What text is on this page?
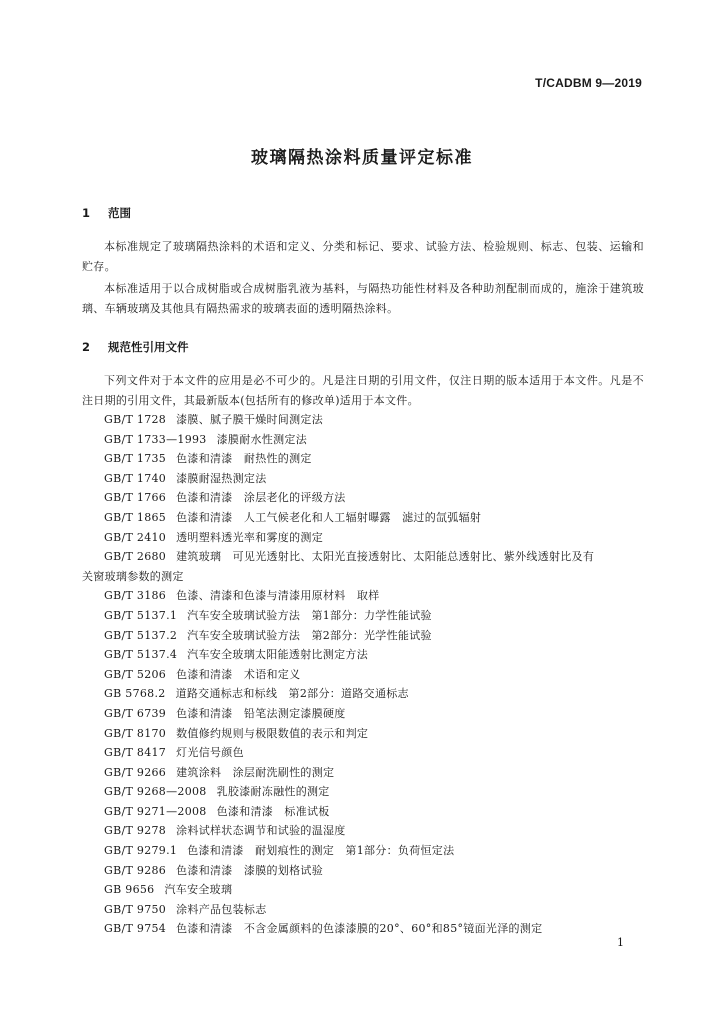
T/CADBM 9—2019
玻璃隔热涂料质量评定标准
1 范围
本标准规定了玻璃隔热涂料的术语和定义、分类和标记、要求、试验方法、检验规则、标志、包装、运输和贮存。
本标准适用于以合成树脂或合成树脂乳液为基料，与隔热功能性材料及各种助剂配制而成的，施涂于建筑玻璃、车辆玻璃及其他具有隔热需求的玻璃表面的透明隔热涂料。
2 规范性引用文件
下列文件对于本文件的应用是必不可少的。凡是注日期的引用文件，仅注日期的版本适用于本文件。凡是不注日期的引用文件，其最新版本(包括所有的修改单)适用于本文件。
GB/T 1728 漆膜、腻子膜干燥时间测定法
GB/T 1733—1993 漆膜耐水性测定法
GB/T 1735 色漆和清漆　耐热性的测定
GB/T 1740 漆膜耐湿热测定法
GB/T 1766 色漆和清漆　涂层老化的评级方法
GB/T 1865 色漆和清漆　人工气候老化和人工辐射曝露　滤过的氙弧辐射
GB/T 2410 透明塑料透光率和雾度的测定
GB/T 2680 建筑玻璃　可见光透射比、太阳光直接透射比、太阳能总透射比、紫外线透射比及有
关窗玻璃参数的测定
GB/T 3186 色漆、清漆和色漆与清漆用原材料　取样
GB/T 5137.1 汽车安全玻璃试验方法　第1部分：力学性能试验
GB/T 5137.2 汽车安全玻璃试验方法　第2部分：光学性能试验
GB/T 5137.4 汽车安全玻璃太阳能透射比测定方法
GB/T 5206 色漆和清漆　术语和定义
GB 5768.2 道路交通标志和标线　第2部分：道路交通标志
GB/T 6739 色漆和清漆　铅笔法测定漆膜硬度
GB/T 8170 数值修约规则与极限数值的表示和判定
GB/T 8417 灯光信号颜色
GB/T 9266 建筑涂料　涂层耐洗刷性的测定
GB/T 9268—2008 乳胶漆耐冻融性的测定
GB/T 9271—2008 色漆和清漆　标准试板
GB/T 9278 涂料试样状态调节和试验的温湿度
GB/T 9279.1 色漆和清漆　耐划痕性的测定　第1部分：负荷恒定法
GB/T 9286 色漆和清漆　漆膜的划格试验
GB 9656 汽车安全玻璃
GB/T 9750 涂料产品包装标志
GB/T 9754 色漆和清漆　不含金属颜料的色漆漆膜的20°、60°和85°镜面光泽的测定
1
